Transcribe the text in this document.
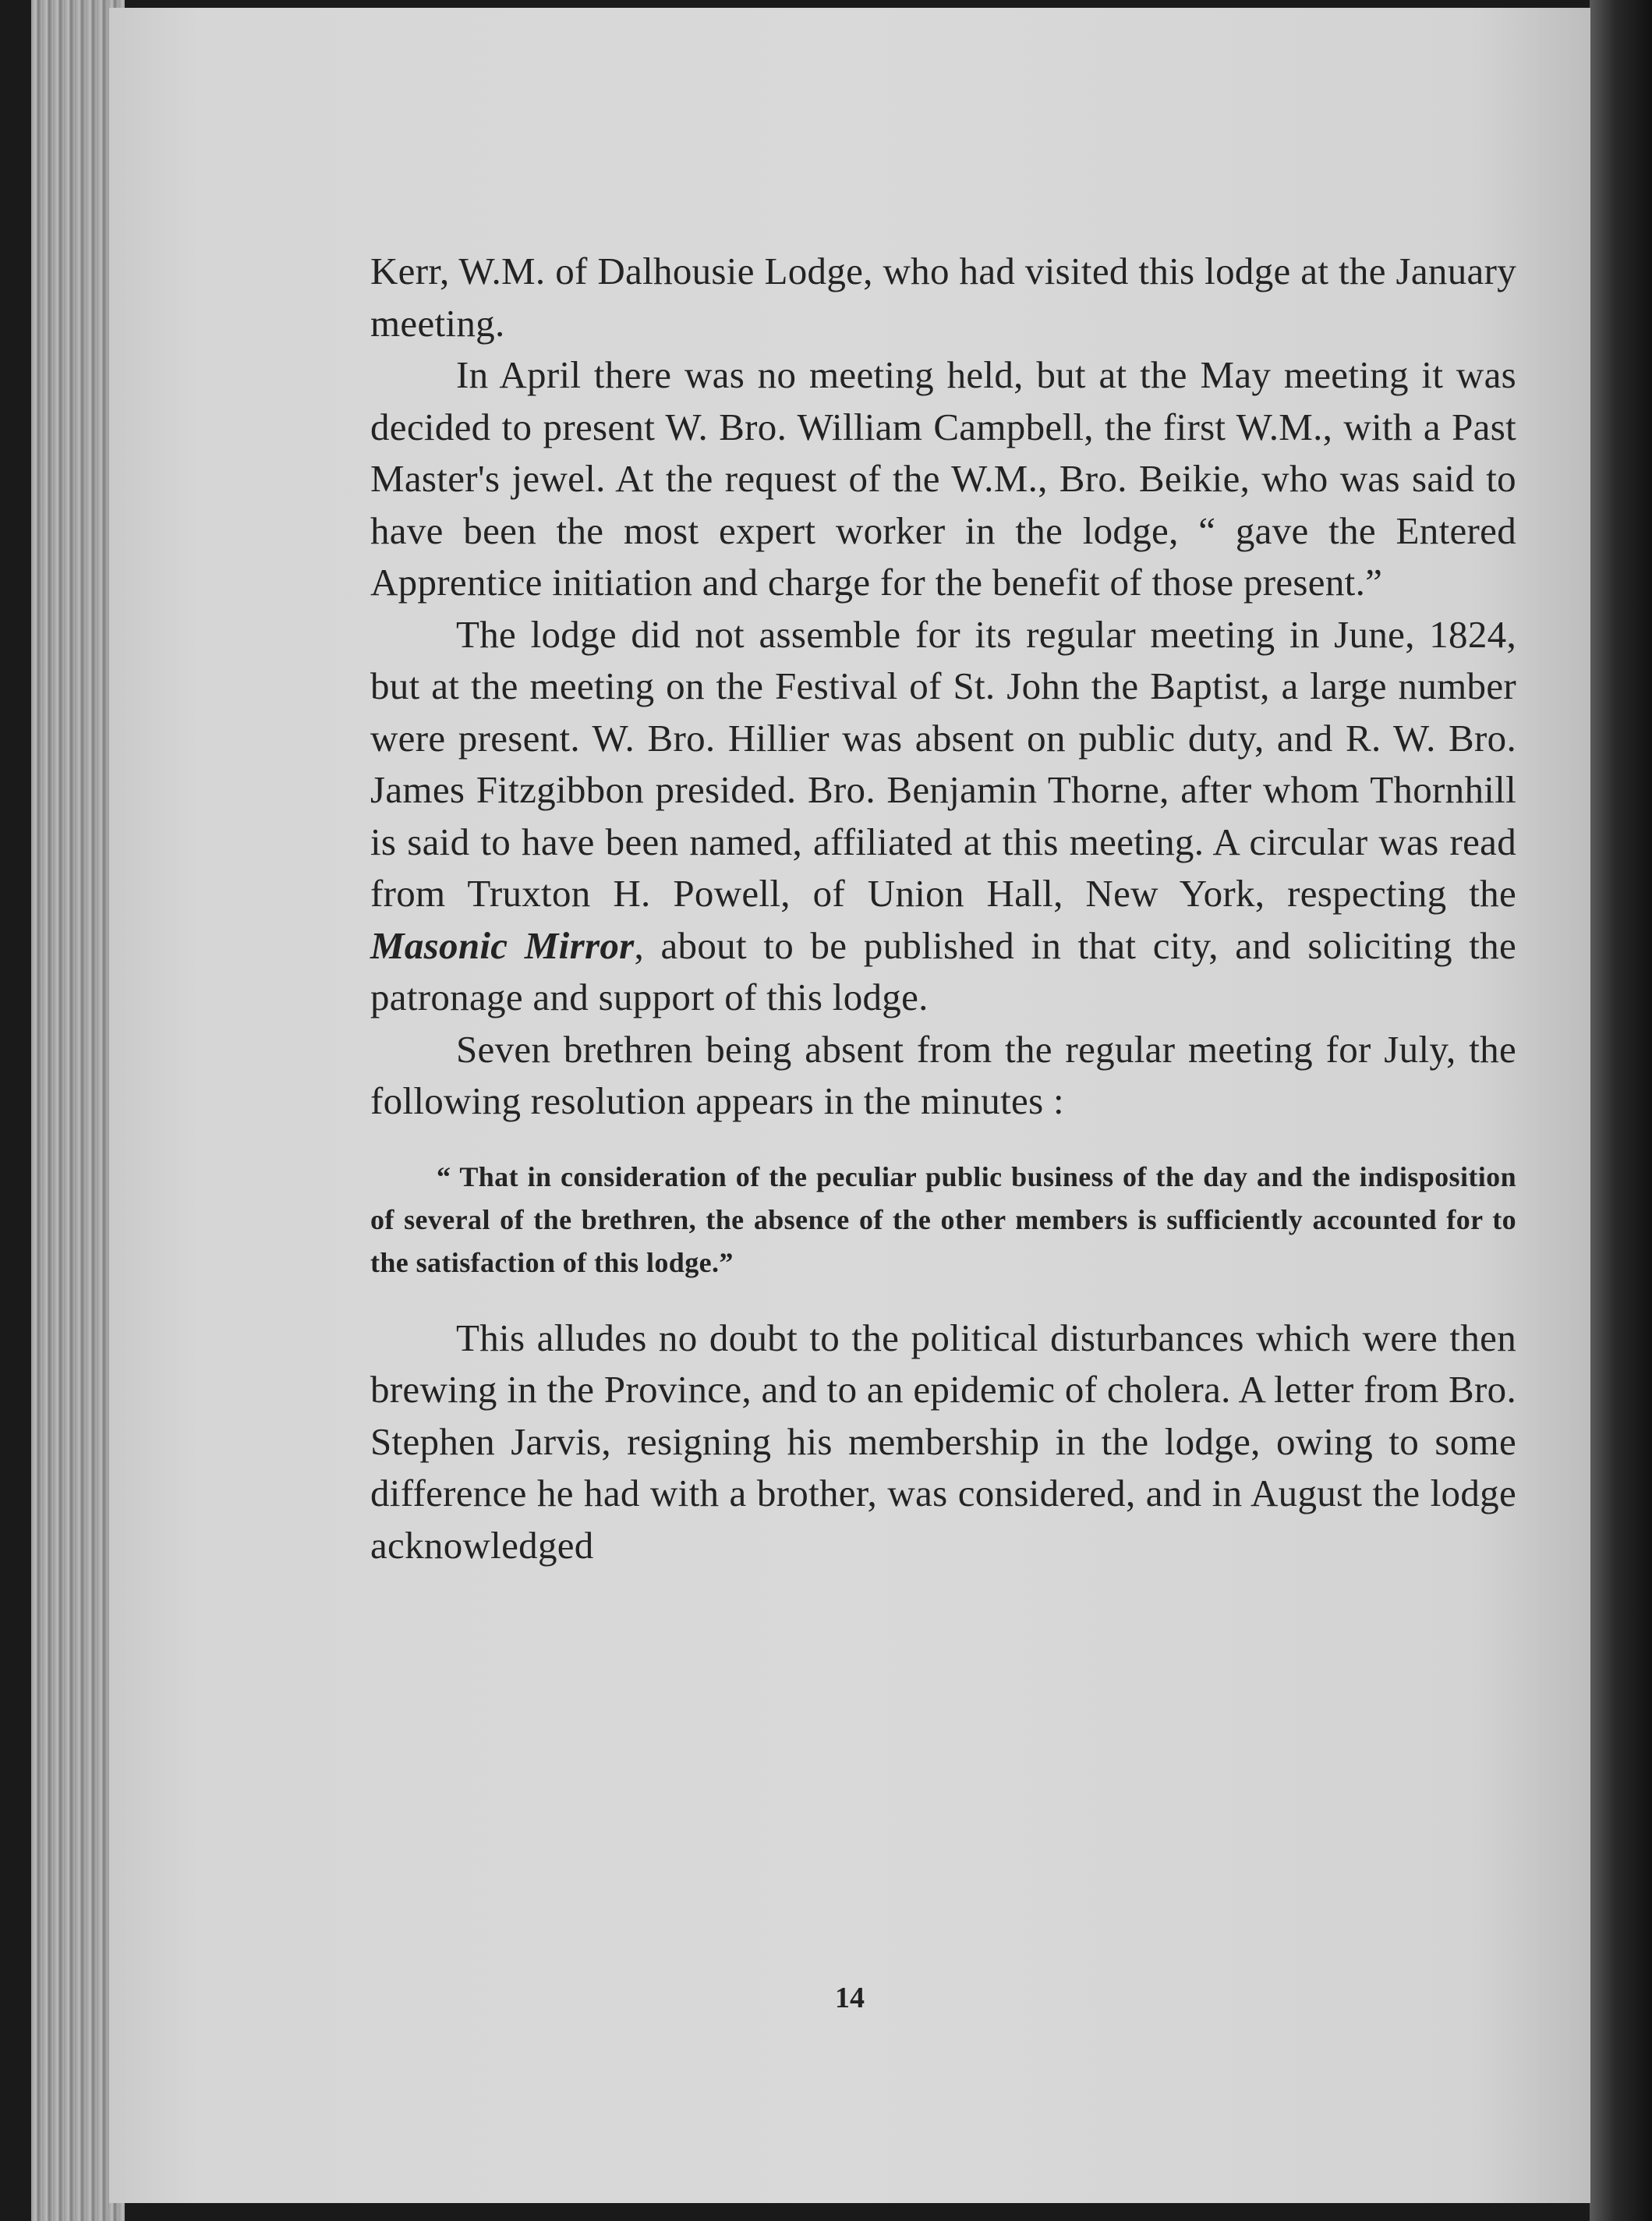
Kerr, W.M. of Dalhousie Lodge, who had visited this lodge at the January meeting.

In April there was no meeting held, but at the May meeting it was decided to present W. Bro. William Campbell, the first W.M., with a Past Master's jewel. At the request of the W.M., Bro. Beikie, who was said to have been the most expert worker in the lodge, “ gave the Entered Apprentice initiation and charge for the benefit of those present.”

The lodge did not assemble for its regular meeting in June, 1824, but at the meeting on the Festival of St. John the Baptist, a large number were present. W. Bro. Hillier was absent on public duty, and R. W. Bro. James Fitzgibbon presided. Bro. Benjamin Thorne, after whom Thornhill is said to have been named, affiliated at this meeting. A circular was read from Truxton H. Powell, of Union Hall, New York, respecting the Masonic Mirror, about to be published in that city, and soliciting the patronage and support of this lodge.

Seven brethren being absent from the regular meeting for July, the following resolution appears in the minutes :

“ That in consideration of the peculiar public business of the day and the indisposition of several of the brethren, the absence of the other members is sufficiently accounted for to the satisfaction of this lodge.”

This alludes no doubt to the political disturbances which were then brewing in the Province, and to an epidemic of cholera. A letter from Bro. Stephen Jarvis, resigning his membership in the lodge, owing to some difference he had with a brother, was considered, and in August the lodge acknowledged

14
